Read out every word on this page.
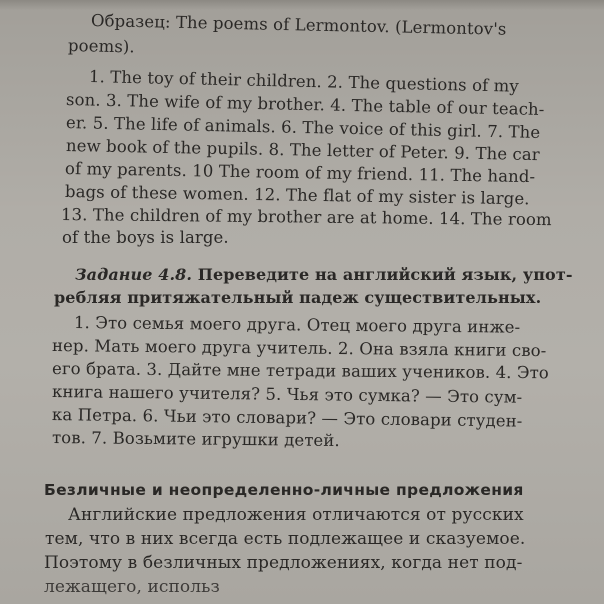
Образец: The poems of Lermontov. (Lermontov's
poems).
1. The toy of their children. 2. The questions of my
son. 3. The wife of my brother. 4. The table of our teach-
er. 5. The life of animals. 6. The voice of this girl. 7. The
new book of the pupils. 8. The letter of Peter. 9. The car
of my parents. 10 The room of my friend. 11. The hand-
bags of these women. 12. The flat of my sister is large.
13. The children of my brother are at home. 14. The room
of the boys is large.
Задание 4.8. Переведите на английский язык, упот-
ребляя притяжательный падеж существительных.
1. Это семья моего друга. Отец моего друга инже-
нер. Мать моего друга учитель. 2. Она взяла книги сво-
его брата. 3. Дайте мне тетради ваших учеников. 4. Это
книга нашего учителя? 5. Чья это сумка? — Это сум-
ка Петра. 6. Чьи это словари? — Это словари студен-
тов. 7. Возьмите игрушки детей.
Безличные и неопределенно-личные предложения
Английские предложения отличаются от русских
тем, что в них всегда есть подлежащее и сказуемое.
Поэтому в безличных предложениях, когда нет под-
лежащего, использ
